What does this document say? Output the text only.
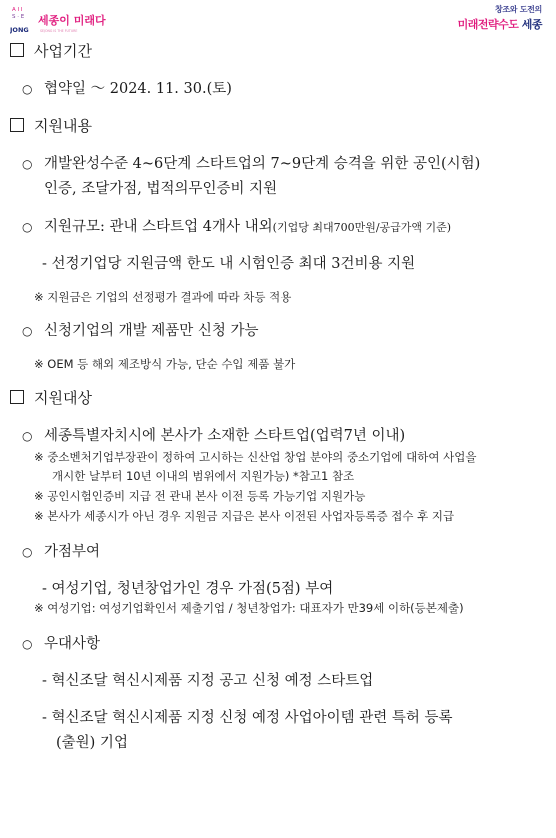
A I I
S · E
JONG
세종이 미래다
SEJONG IS THE FUTURE
창조와 도전의
미래전략수도 세종
사업기간
○ 협약일 ～ 2024. 11. 30.(토)
지원내용
○ 개발완성수준 4~6단계 스타트업의 7~9단계 승격을 위한 공인(시험)
인증, 조달가점, 법적의무인증비 지원
○ 지원규모: 관내 스타트업 4개사 내외(기업당 최대700만원/공급가액 기준)
- 선정기업당 지원금액 한도 내 시험인증 최대 3건비용 지원
※ 지원금은 기업의 선정평가 결과에 따라 차등 적용
○ 신청기업의 개발 제품만 신청 가능
※ OEM 등 해외 제조방식 가능, 단순 수입 제품 불가
지원대상
○ 세종특별자치시에 본사가 소재한 스타트업(업력7년 이내)
※ 중소벤처기업부장관이 정하여 고시하는 신산업 창업 분야의 중소기업에 대하여 사업을
개시한 날부터 10년 이내의 범위에서 지원가능) *참고1 참조
※ 공인시험인증비 지급 전 관내 본사 이전 등록 가능기업 지원가능
※ 본사가 세종시가 아닌 경우 지원금 지급은 본사 이전된 사업자등록증 접수 후 지급
○ 가점부여
- 여성기업, 청년창업가인 경우 가점(5점) 부여
※ 여성기업: 여성기업확인서 제출기업 / 청년창업가: 대표자가 만39세 이하(등본제출)
○ 우대사항
- 혁신조달 혁신시제품 지정 공고 신청 예정 스타트업
- 혁신조달 혁신시제품 지정 신청 예정 사업아이템 관련 특허 등록
(출원) 기업
